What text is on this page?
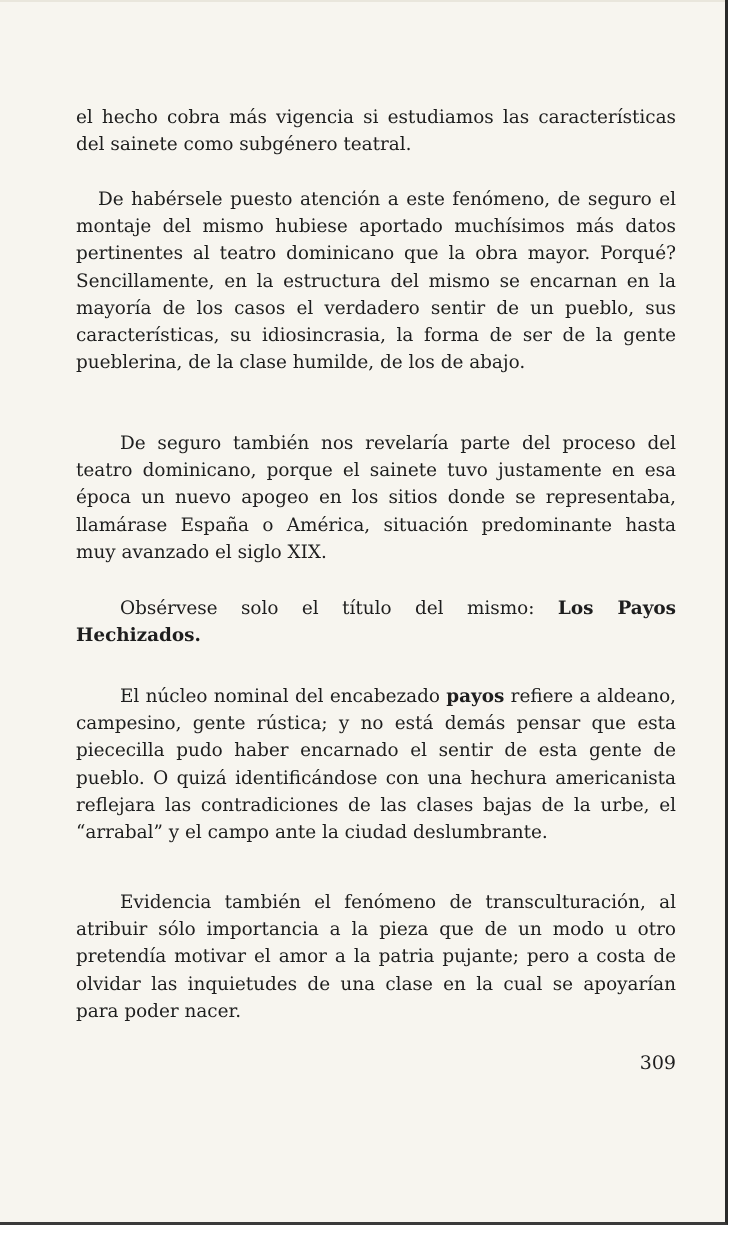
el hecho cobra más vigencia si estudiamos las características del sainete como subgénero teatral.

De habérsele puesto atención a este fenómeno, de seguro el montaje del mismo hubiese aportado muchísimos más datos pertinentes al teatro dominicano que la obra mayor. Porqué? Sencillamente, en la estructura del mismo se encarnan en la mayoría de los casos el verdadero sentir de un pueblo, sus características, su idiosincrasia, la forma de ser de la gente pueblerina, de la clase humilde, de los de abajo.

De seguro también nos revelaría parte del proceso del teatro dominicano, porque el sainete tuvo justamente en esa época un nuevo apogeo en los sitios donde se representaba, llamárase España o América, situación predominante hasta muy avanzado el siglo XIX.

Obsérvese solo el título del mismo: Los Payos Hechizados.

El núcleo nominal del encabezado payos refiere a aldeano, campesino, gente rústica; y no está demás pensar que esta piececilla pudo haber encarnado el sentir de esta gente de pueblo. O quizá identificándose con una hechura americanista reflejara las contradiciones de las clases bajas de la urbe, el “arrabal” y el campo ante la ciudad deslumbrante.

Evidencia también el fenómeno de transculturación, al atribuir sólo importancia a la pieza que de un modo u otro pretendía motivar el amor a la patria pujante; pero a costa de olvidar las inquietudes de una clase en la cual se apoyarían para poder nacer.

309
